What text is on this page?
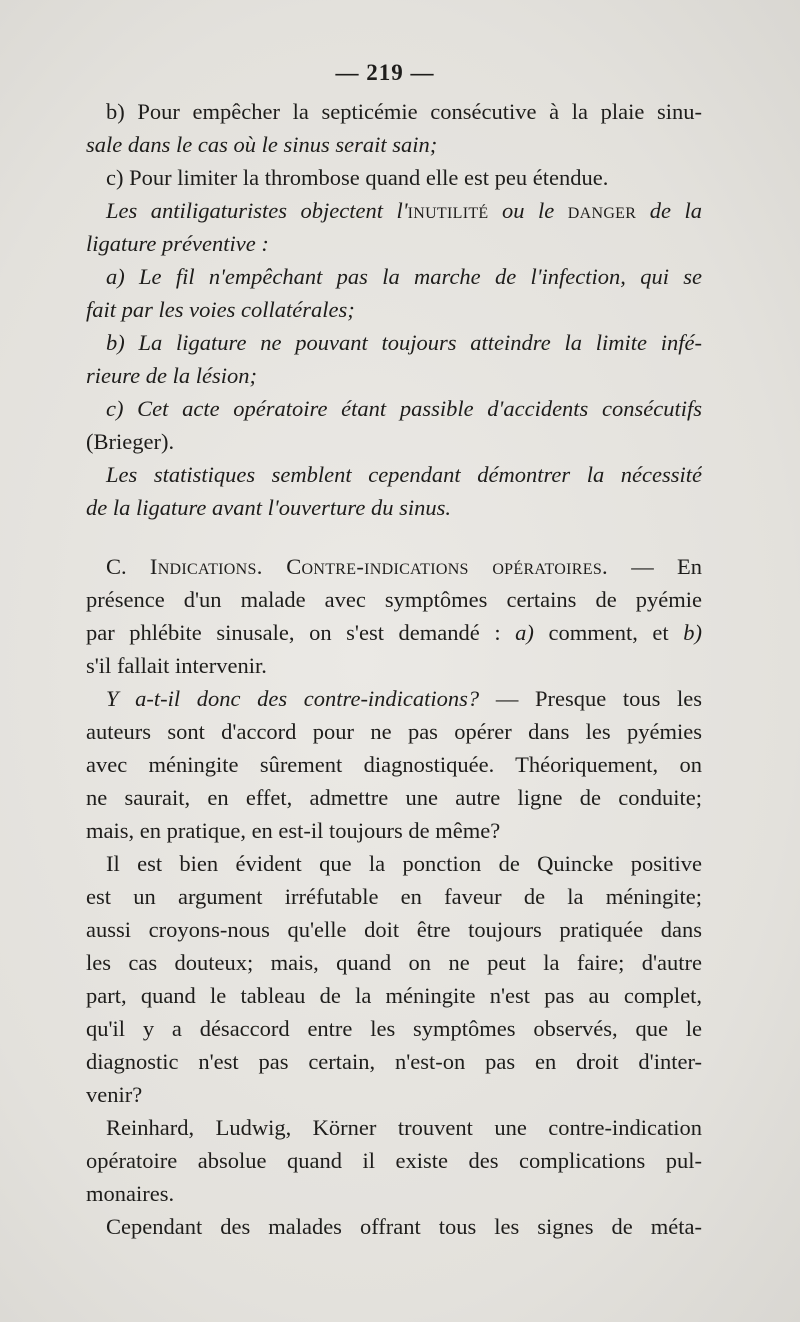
— 219 —
b) Pour empêcher la septicémie consécutive à la plaie sinu-
sale dans le cas où le sinus serait sain;
c) Pour limiter la thrombose quand elle est peu étendue.
Les antiligaturistes objectent l'inutilité ou le danger de la
ligature préventive :
a) Le fil n'empêchant pas la marche de l'infection, qui se
fait par les voies collatérales;
b) La ligature ne pouvant toujours atteindre la limite infé-
rieure de la lésion;
c) Cet acte opératoire étant passible d'accidents consécutifs
(Brieger).
Les statistiques semblent cependant démontrer la nécessité
de la ligature avant l'ouverture du sinus.
C. Indications. Contre-indications opératoires. — En
présence d'un malade avec symptômes certains de pyémie
par phlébite sinusale, on s'est demandé : a) comment, et b)
s'il fallait intervenir.
Y a-t-il donc des contre-indications? — Presque tous les
auteurs sont d'accord pour ne pas opérer dans les pyémies
avec méningite sûrement diagnostiquée. Théoriquement, on
ne saurait, en effet, admettre une autre ligne de conduite;
mais, en pratique, en est-il toujours de même?
Il est bien évident que la ponction de Quincke positive
est un argument irréfutable en faveur de la méningite;
aussi croyons-nous qu'elle doit être toujours pratiquée dans
les cas douteux; mais, quand on ne peut la faire; d'autre
part, quand le tableau de la méningite n'est pas au complet,
qu'il y a désaccord entre les symptômes observés, que le
diagnostic n'est pas certain, n'est-on pas en droit d'inter-
venir?
Reinhard, Ludwig, Körner trouvent une contre-indication
opératoire absolue quand il existe des complications pul-
monaires.
Cependant des malades offrant tous les signes de méta-
